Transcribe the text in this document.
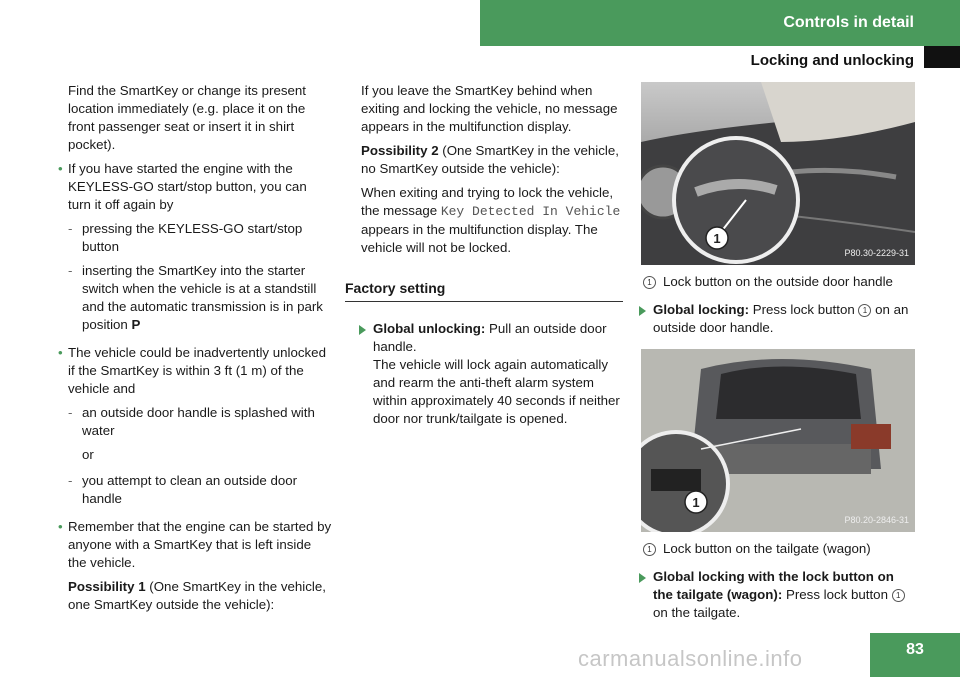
Controls in detail
Locking and unlocking

Find the SmartKey or change its present location immediately (e.g. place it on the front passenger seat or insert it in shirt pocket).

• If you have started the engine with the KEYLESS-GO start/stop button, you can turn it off again by
- pressing the KEYLESS-GO start/stop button
- inserting the SmartKey into the starter switch when the vehicle is at a standstill and the automatic transmission is in park position P
• The vehicle could be inadvertently unlocked if the SmartKey is within 3 ft (1 m) of the vehicle and
- an outside door handle is splashed with water
or
- you attempt to clean an outside door handle
• Remember that the engine can be started by anyone with a SmartKey that is left inside the vehicle.

Possibility 1 (One SmartKey in the vehicle, one SmartKey outside the vehicle):

If you leave the SmartKey behind when exiting and locking the vehicle, no message appears in the multifunction display.

Possibility 2 (One SmartKey in the vehicle, no SmartKey outside the vehicle):

When exiting and trying to lock the vehicle, the message Key Detected In Vehicle appears in the multifunction display. The vehicle will not be locked.

Factory setting
Global unlocking: Pull an outside door handle.
The vehicle will lock again automatically and rearm the anti-theft alarm system within approximately 40 seconds if neither door nor trunk/tailgate is opened.
1
P80.30-2229-31
1 Lock button on the outside door handle
Global locking: Press lock button 1 on an outside door handle.
1
P80.20-2846-31
1 Lock button on the tailgate (wagon)
Global locking with the lock button on the tailgate (wagon): Press lock button 1 on the tailgate.
carmanualsonline.info	83
